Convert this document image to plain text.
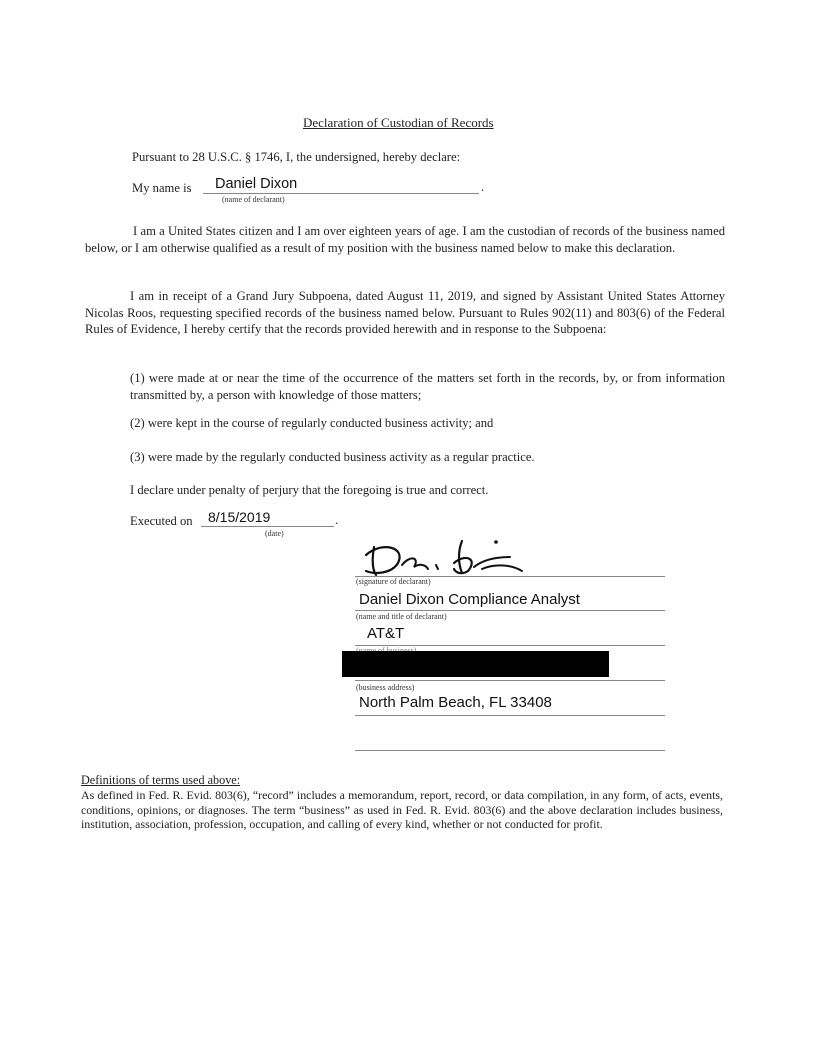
Declaration of Custodian of Records
Pursuant to 28 U.S.C. § 1746, I, the undersigned, hereby declare:
My name is Daniel Dixon	.
(name of declarant)
I am a United States citizen and I am over eighteen years of age. I am the custodian of records of the business named below, or I am otherwise qualified as a result of my position with the business named below to make this declaration.
I am in receipt of a Grand Jury Subpoena, dated August 11, 2019, and signed by Assistant United States Attorney Nicolas Roos, requesting specified records of the business named below. Pursuant to Rules 902(11) and 803(6) of the Federal Rules of Evidence, I hereby certify that the records provided herewith and in response to the Subpoena:
(1) were made at or near the time of the occurrence of the matters set forth in the records, by, or from information transmitted by, a person with knowledge of those matters;
(2) were kept in the course of regularly conducted business activity; and
(3) were made by the regularly conducted business activity as a regular practice.
I declare under penalty of perjury that the foregoing is true and correct.
Executed on 8/15/2019	.
(date)
(signature of declarant)
Daniel Dixon Compliance Analyst
(name and title of declarant)
AT&T
(business address)
North Palm Beach, FL 33408
Definitions of terms used above:
As defined in Fed. R. Evid. 803(6), “record” includes a memorandum, report, record, or data compilation, in any form, of acts, events, conditions, opinions, or diagnoses. The term “business” as used in Fed. R. Evid. 803(6) and the above declaration includes business, institution, association, profession, occupation, and calling of every kind, whether or not conducted for profit.
